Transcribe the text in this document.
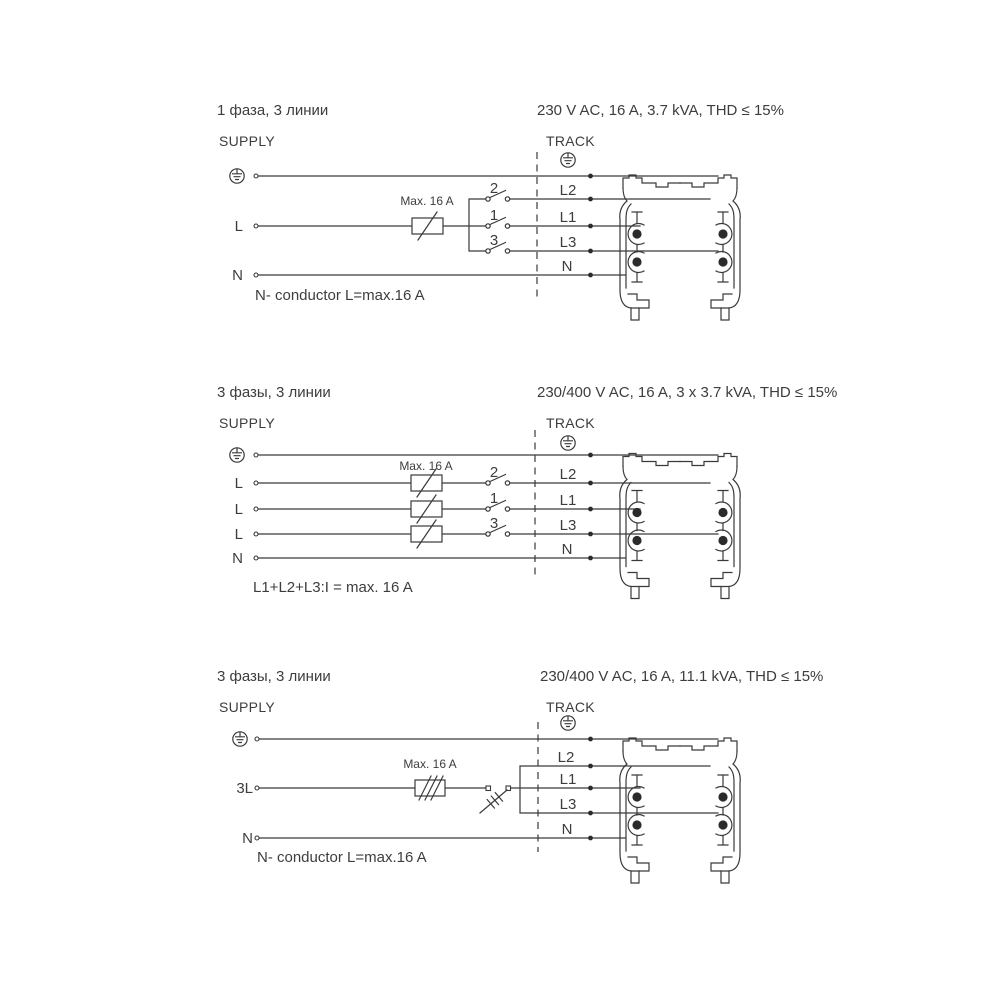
1 фаза, 3 линии	230 V AC, 16 A, 3.7 kVA, THD ≤ 15%
SUPPLY	TRACK
L
N
Max. 16 A
2
1
3
L2
L1
L3
N
N- conductor L=max.16 A
3 фазы, 3 линии	230/400 V AC, 16 A, 3 x 3.7 kVA, THD ≤ 15%
SUPPLY	TRACK
L
L
L
N
Max. 16 A 2
1
3
L2
L1
L3
N
L1+L2+L3:I = max. 16 A
3 фазы, 3 линии	230/400 V AC, 16 A, 11.1 kVA, THD ≤ 15%
SUPPLY	TRACK
3L
N
Max. 16 A	L2
L1
L3
N
N- conductor L=max.16 A
